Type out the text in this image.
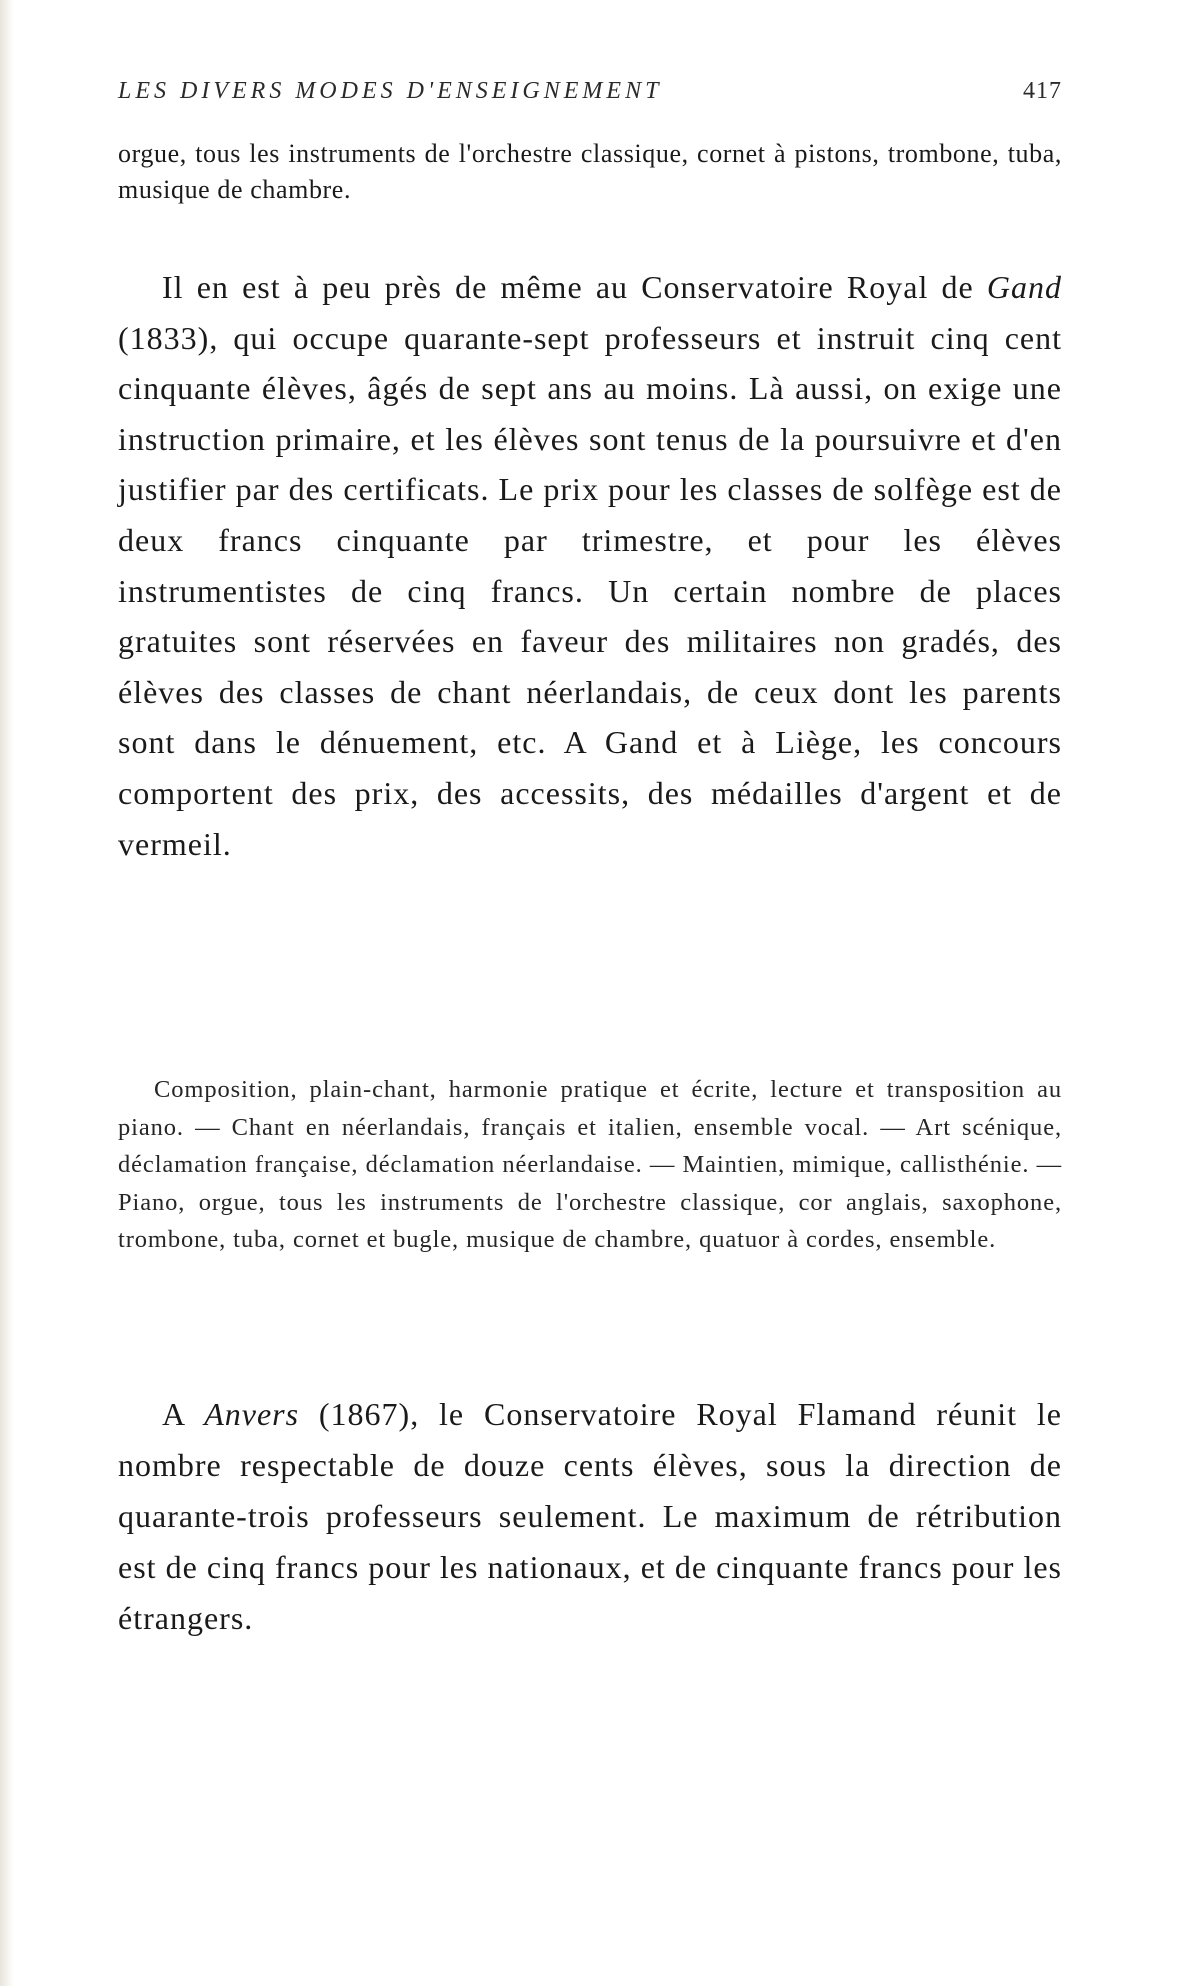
LES DIVERS MODES D'ENSEIGNEMENT	417

orgue, tous les instruments de l'orchestre classique, cornet à pistons, trombone, tuba, musique de chambre.

Il en est à peu près de même au Conservatoire Royal de Gand (1833), qui occupe quarante-sept professeurs et instruit cinq cent cinquante élèves, âgés de sept ans au moins. Là aussi, on exige une instruction primaire, et les élèves sont tenus de la poursuivre et d'en justifier par des certificats. Le prix pour les classes de solfège est de deux francs cinquante par trimestre, et pour les élèves instrumentistes de cinq francs. Un certain nombre de places gratuites sont réservées en faveur des militaires non gradés, des élèves des classes de chant néerlandais, de ceux dont les parents sont dans le dénuement, etc. A Gand et à Liège, les concours comportent des prix, des accessits, des médailles d'argent et de vermeil.

Composition, plain-chant, harmonie pratique et écrite, lecture et transposition au piano. — Chant en néerlandais, français et italien, ensemble vocal. — Art scénique, déclamation française, déclamation néerlandaise. — Maintien, mimique, callisthénie. — Piano, orgue, tous les instruments de l'orchestre classique, cor anglais, saxophone, trombone, tuba, cornet et bugle, musique de chambre, quatuor à cordes, ensemble.

A Anvers (1867), le Conservatoire Royal Flamand réunit le nombre respectable de douze cents élèves, sous la direction de quarante-trois professeurs seulement. Le maximum de rétribution est de cinq francs pour les nationaux, et de cinquante francs pour les étrangers.
